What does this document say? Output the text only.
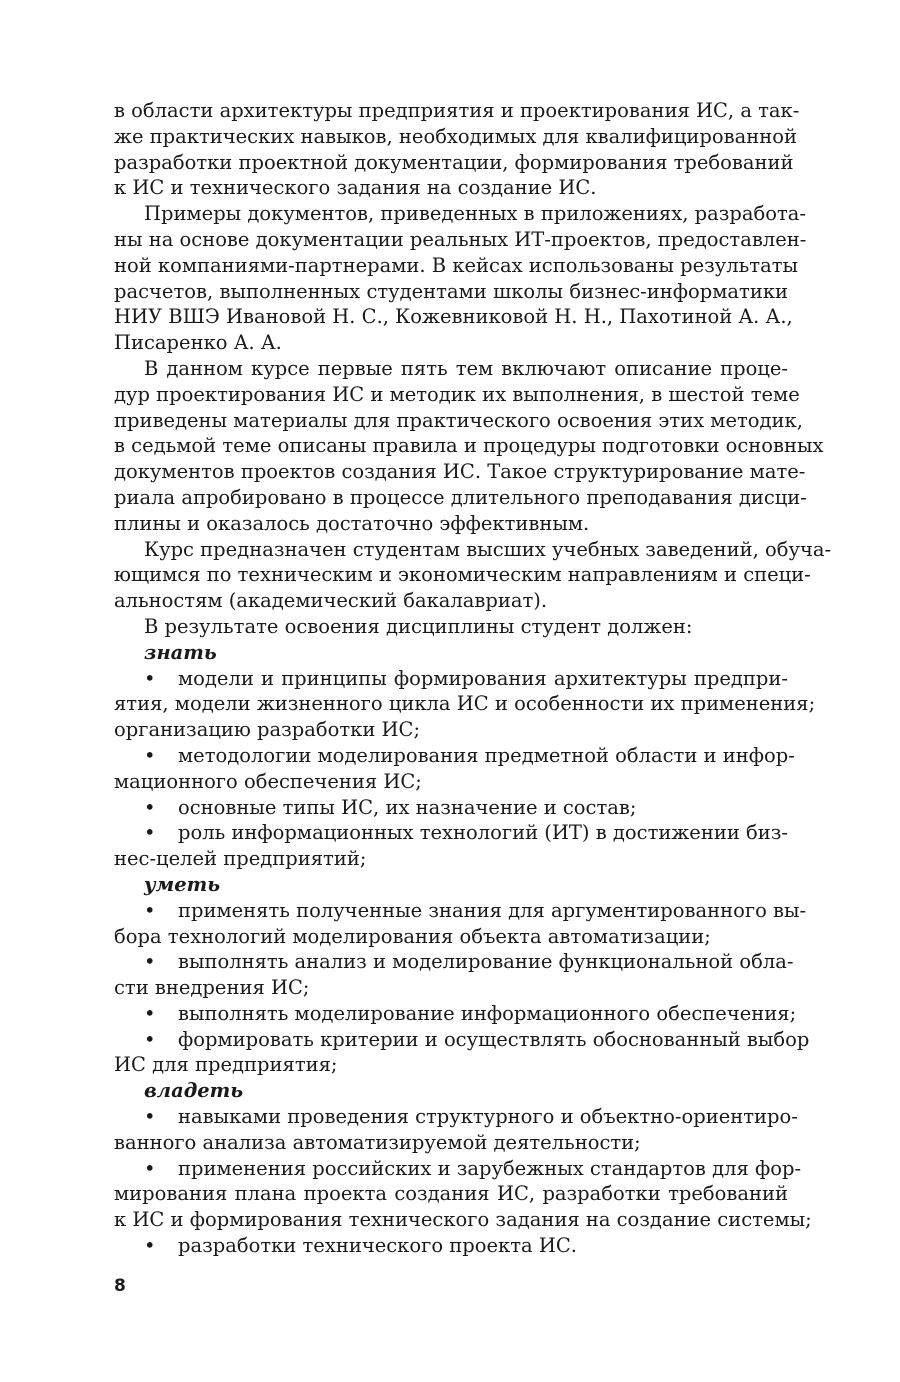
в области архитектуры предприятия и проектирования ИС, а так-
же практических навыков, необходимых для квалифицированной
разработки проектной документации, формирования требований
к ИС и технического задания на создание ИС.
Примеры документов, приведенных в приложениях, разработа-
ны на основе документации реальных ИТ-проектов, предоставлен-
ной компаниями-партнерами. В кейсах использованы результаты
расчетов, выполненных студентами школы бизнес-информатики
НИУ ВШЭ Ивановой Н. С., Кожевниковой Н. Н., Пахотиной А. А.,
Писаренко А. А.
В данном курсе первые пять тем включают описание проце-
дур проектирования ИС и методик их выполнения, в шестой теме
приведены материалы для практического освоения этих методик,
в седьмой теме описаны правила и процедуры подготовки основных
документов проектов создания ИС. Такое структурирование мате-
риала апробировано в процессе длительного преподавания дисци-
плины и оказалось достаточно эффективным.
Курс предназначен студентам высших учебных заведений, обуча-
ющимся по техническим и экономическим направлениям и специ-
альностям (академический бакалавриат).
В результате освоения дисциплины студент должен:
знать
• модели и принципы формирования архитектуры предпри-
ятия, модели жизненного цикла ИС и особенности их применения;
организацию разработки ИС;
• методологии моделирования предметной области и инфор-
мационного обеспечения ИС;
• основные типы ИС, их назначение и состав;
• роль информационных технологий (ИТ) в достижении биз-
нес-целей предприятий;
уметь
• применять полученные знания для аргументированного вы-
бора технологий моделирования объекта автоматизации;
• выполнять анализ и моделирование функциональной обла-
сти внедрения ИС;
• выполнять моделирование информационного обеспечения;
• формировать критерии и осуществлять обоснованный выбор
ИС для предприятия;
владеть
• навыками проведения структурного и объектно-ориентиро-
ванного анализа автоматизируемой деятельности;
• применения российских и зарубежных стандартов для фор-
мирования плана проекта создания ИС, разработки требований
к ИС и формирования технического задания на создание системы;
• разработки технического проекта ИС.
8
